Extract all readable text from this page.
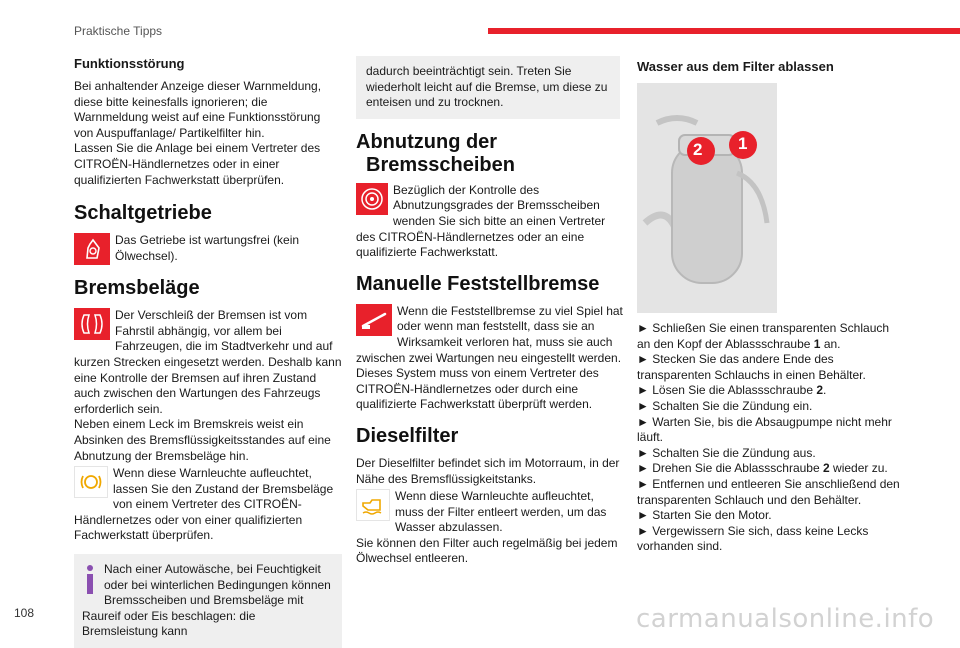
Praktische Tipps
Funktionsstörung

Bei anhaltender Anzeige dieser Warnmeldung, diese bitte keinesfalls ignorieren; die Warnmeldung weist auf eine Funktionsstörung von Auspuffanlage/ Partikelfilter hin.

Lassen Sie die Anlage bei einem Vertreter des CITROËN-Händlernetzes oder in einer qualifizierten Fachwerkstatt überprüfen.

Schaltgetriebe

Das Getriebe ist wartungsfrei (kein Ölwechsel).

Bremsbeläge

Der Verschleiß der Bremsen ist vom Fahrstil abhängig, vor allem bei Fahrzeugen, die im Stadtverkehr und auf kurzen Strecken eingesetzt werden. Deshalb kann eine Kontrolle der Bremsen auf ihren Zustand auch zwischen den Wartungen des Fahrzeugs erforderlich sein.

Neben einem Leck im Bremskreis weist ein Absinken des Bremsflüssigkeitsstandes auf eine Abnutzung der Bremsbeläge hin.

Wenn diese Warnleuchte aufleuchtet, lassen Sie den Zustand der Bremsbeläge von einem Vertreter des CITROËN-Händlernetzes oder von einer qualifizierten Fachwerkstatt überprüfen.

Nach einer Autowäsche, bei Feuchtigkeit oder bei winterlichen Bedingungen können Bremsscheiben und Bremsbeläge mit Raureif oder Eis beschlagen: die Bremsleistung kann

dadurch beeinträchtigt sein. Treten Sie wiederholt leicht auf die Bremse, um diese zu enteisen und zu trocknen.

Abnutzung der
Bremsscheiben

Bezüglich der Kontrolle des Abnutzungsgrades der Bremsscheiben wenden Sie sich bitte an einen Vertreter des CITROËN-Händlernetzes oder an eine qualifizierte Fachwerkstatt.

Manuelle Feststellbremse

Wenn die Feststellbremse zu viel Spiel hat oder wenn man feststellt, dass sie an Wirksamkeit verloren hat, muss sie auch zwischen zwei Wartungen neu eingestellt werden.

Dieses System muss von einem Vertreter des CITROËN-Händlernetzes oder durch eine qualifizierte Fachwerkstatt überprüft werden.

Dieselfilter

Der Dieselfilter befindet sich im Motorraum, in der Nähe des Bremsflüssigkeitstanks.

Wenn diese Warnleuchte aufleuchtet, muss der Filter entleert werden, um das Wasser abzulassen.

Sie können den Filter auch regelmäßig bei jedem Ölwechsel entleeren.

Wasser aus dem Filter ablassen
2 1

► Schließen Sie einen transparenten Schlauch an den Kopf der Ablassschraube 1 an.

► Stecken Sie das andere Ende des transparenten Schlauchs in einen Behälter.

► Lösen Sie die Ablassschraube 2.

► Schalten Sie die Zündung ein.

► Warten Sie, bis die Absaugpumpe nicht mehr läuft.

► Schalten Sie die Zündung aus.

► Drehen Sie die Ablassschraube 2 wieder zu.

► Entfernen und entleeren Sie anschließend den transparenten Schlauch und den Behälter.

► Starten Sie den Motor.

► Vergewissern Sie sich, dass keine Lecks vorhanden sind.

108	carmanualsonline.info
